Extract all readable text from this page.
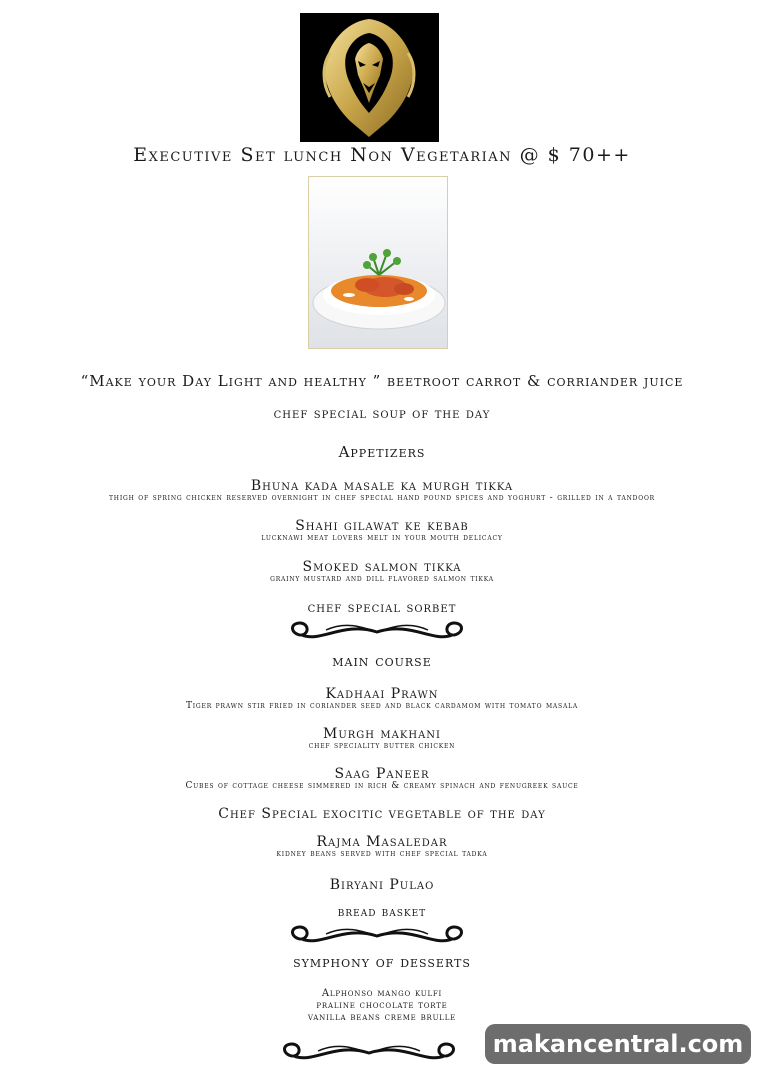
Executive Set lunch Non Vegetarian @ $ 70++
“Make your Day Light and healthy ” beetroot carrot & corriander juice
chef special soup of the day
Appetizers
Bhuna kada masale ka murgh tikka
thigh of spring chicken reserved overnight in chef special hand pound spices and yoghurt - grilled in a tandoor
Shahi gilawat ke kebab
lucknawi meat lovers melt in your mouth delicacy
Smoked salmon tikka
grainy mustard and dill flavored salmon tikka
chef special sorbet
main course
Kadhaai Prawn
Tiger prawn stir fried in coriander seed and black cardamom with tomato masala
Murgh makhani
chef speciality butter chicken
Saag Paneer
Cubes of cottage cheese simmered in rich & creamy spinach and fenugreek sauce
Chef Special exocitic vegetable of the day
Rajma Masaledar
kidney beans served with chef special tadka
Biryani Pulao
bread basket
symphony of desserts
Alphonso mango kulfi
praline chocolate torte
vanilla beans creme brulle
makancentral.com
